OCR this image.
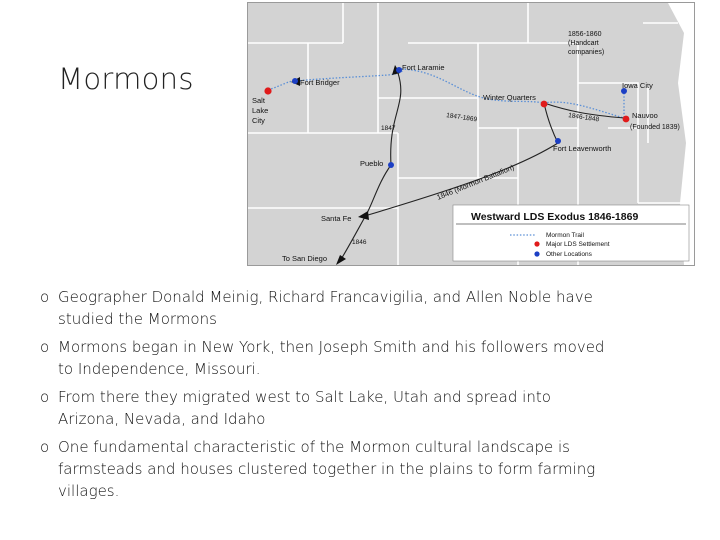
Mormons
Salt
Lake
City
Fort Bridger
Fort Laramie
1856-1860
(Handcart
companies)
Iowa City
Winter Quarters
Nauvoo
(Founded 1839)
Fort Leavenworth
Pueblo
Santa Fe
To San Diego
1847
1847-1869	1846-1848
1846
1846 (Mormon Battalion)
Westward LDS Exodus 1846-1869
Mormon Trail
Major LDS Settlement
Other Locations
o Geographer Donald Meinig, Richard Francavigilia, and Allen Noble have studied the Mormons
o Mormons began in New York, then Joseph Smith and his followers moved to Independence, Missouri.
o From there they migrated west to Salt Lake, Utah and spread into Arizona, Nevada, and Idaho
o One fundamental characteristic of the Mormon cultural landscape is farmsteads and houses clustered together in the plains to form farming villages.
